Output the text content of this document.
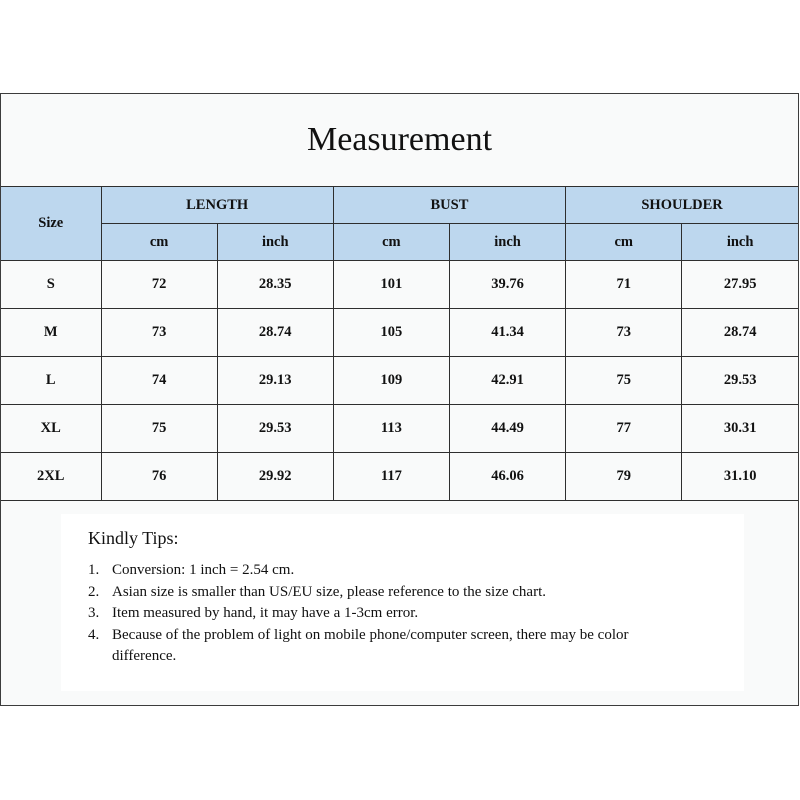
Measurement
Size	LENGTH		BUST		SHOULDER	
	cm	inch	cm	inch	cm	inch
S	72	28.35	101	39.76	71	27.95
M	73	28.74	105	41.34	73	28.74
L	74	29.13	109	42.91	75	29.53
XL	75	29.53	113	44.49	77	30.31
2XL	76	29.92	117	46.06	79	31.10
Kindly Tips:
1. Conversion: 1 inch = 2.54 cm.
2. Asian size is smaller than US/EU size, please reference to the size chart.
3. Item measured by hand, it may have a 1-3cm error.
4. Because of the problem of light on mobile phone/computer screen, there may be color difference.
